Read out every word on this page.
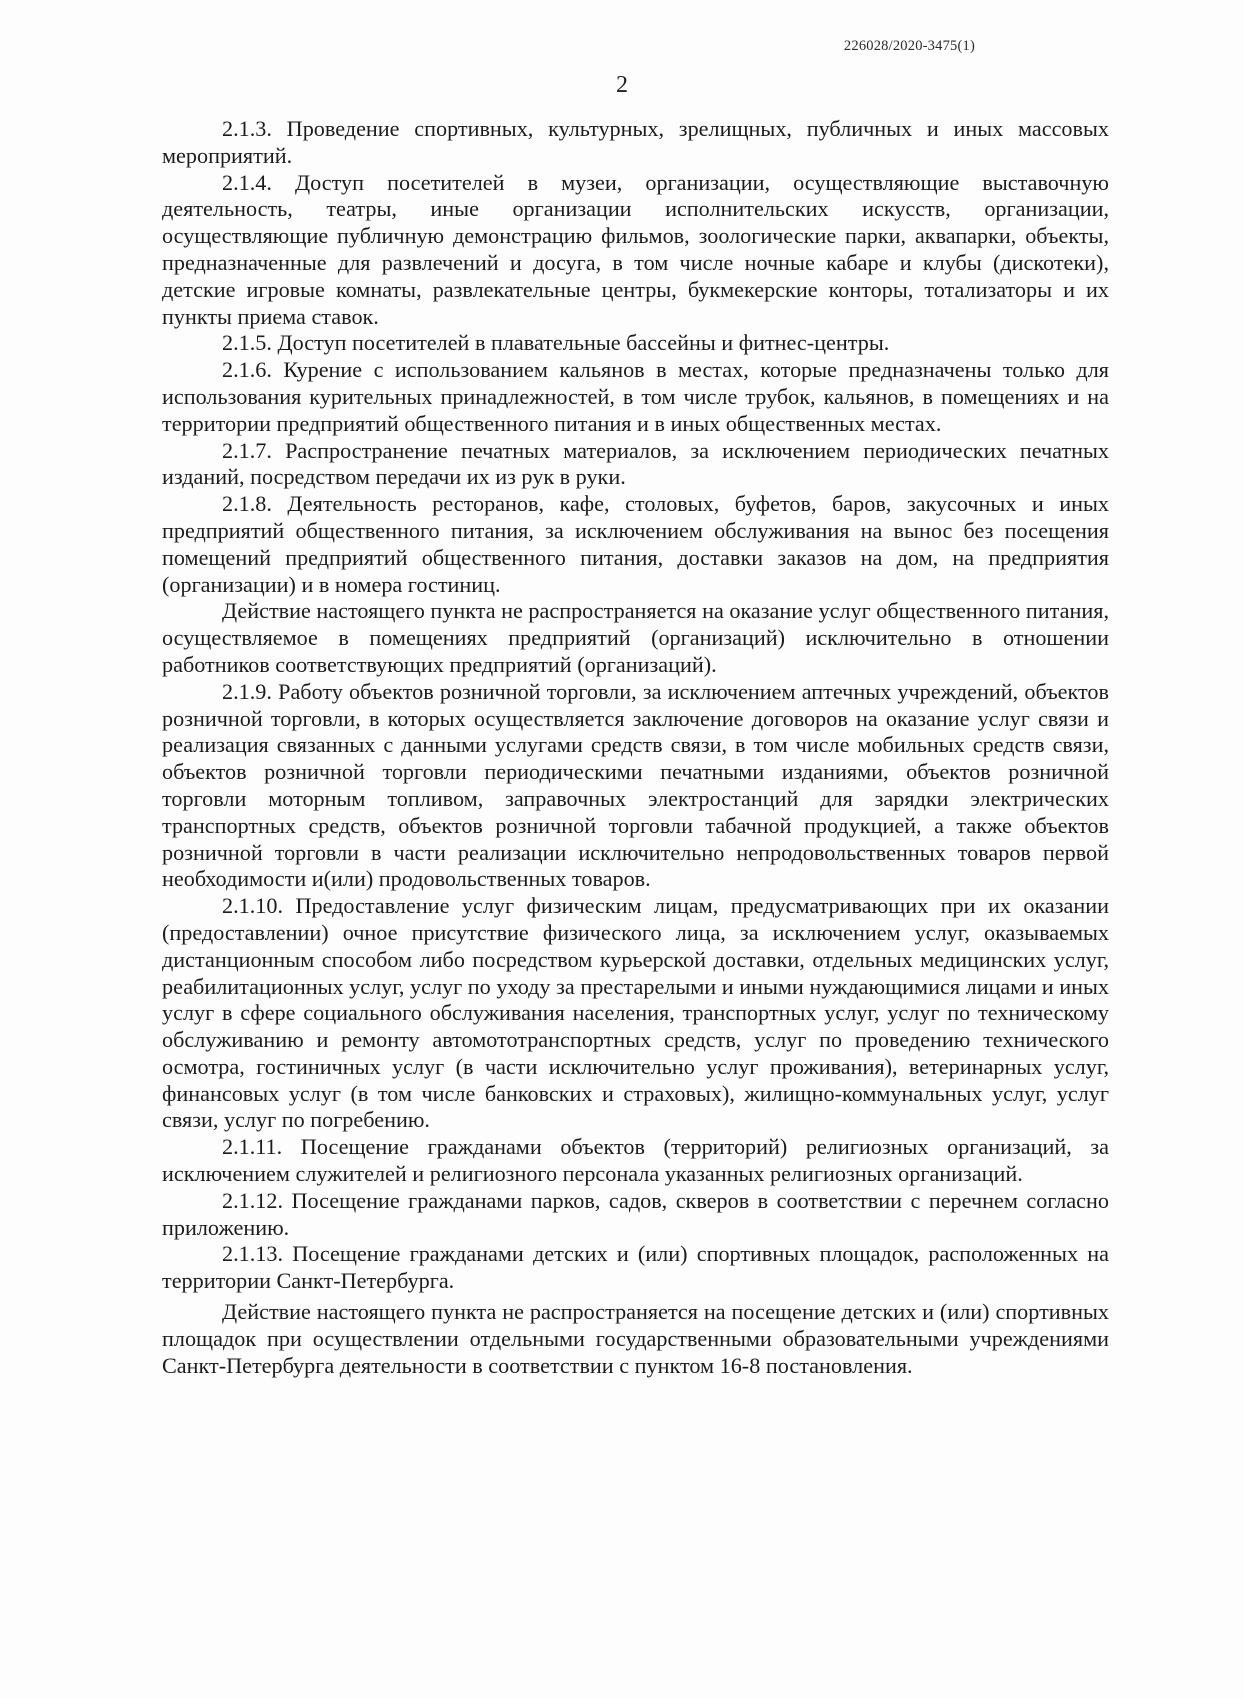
226028/2020-3475(1)
2

2.1.3. Проведение спортивных, культурных, зрелищных, публичных и иных массовых мероприятий.

2.1.4. Доступ посетителей в музеи, организации, осуществляющие выставочную деятельность, театры, иные организации исполнительских искусств, организации, осуществляющие публичную демонстрацию фильмов, зоологические парки, аквапарки, объекты, предназначенные для развлечений и досуга, в том числе ночные кабаре и клубы (дискотеки), детские игровые комнаты, развлекательные центры, букмекерские конторы, тотализаторы и их пункты приема ставок.

2.1.5. Доступ посетителей в плавательные бассейны и фитнес-центры.

2.1.6. Курение с использованием кальянов в местах, которые предназначены только для использования курительных принадлежностей, в том числе трубок, кальянов, в помещениях и на территории предприятий общественного питания и в иных общественных местах.

2.1.7. Распространение печатных материалов, за исключением периодических печатных изданий, посредством передачи их из рук в руки.

2.1.8. Деятельность ресторанов, кафе, столовых, буфетов, баров, закусочных и иных предприятий общественного питания, за исключением обслуживания на вынос без посещения помещений предприятий общественного питания, доставки заказов на дом, на предприятия (организации) и в номера гостиниц.

Действие настоящего пункта не распространяется на оказание услуг общественного питания, осуществляемое в помещениях предприятий (организаций) исключительно в отношении работников соответствующих предприятий (организаций).

2.1.9. Работу объектов розничной торговли, за исключением аптечных учреждений, объектов розничной торговли, в которых осуществляется заключение договоров на оказание услуг связи и реализация связанных с данными услугами средств связи, в том числе мобильных средств связи, объектов розничной торговли периодическими печатными изданиями, объектов розничной торговли моторным топливом, заправочных электростанций для зарядки электрических транспортных средств, объектов розничной торговли табачной продукцией, а также объектов розничной торговли в части реализации исключительно непродовольственных товаров первой необходимости и(или) продовольственных товаров.

2.1.10. Предоставление услуг физическим лицам, предусматривающих при их оказании (предоставлении) очное присутствие физического лица, за исключением услуг, оказываемых дистанционным способом либо посредством курьерской доставки, отдельных медицинских услуг, реабилитационных услуг, услуг по уходу за престарелыми и иными нуждающимися лицами и иных услуг в сфере социального обслуживания населения, транспортных услуг, услуг по техническому обслуживанию и ремонту автомототранспортных средств, услуг по проведению технического осмотра, гостиничных услуг (в части исключительно услуг проживания), ветеринарных услуг, финансовых услуг (в том числе банковских и страховых), жилищно-коммунальных услуг, услуг связи, услуг по погребению.

2.1.11. Посещение гражданами объектов (территорий) религиозных организаций, за исключением служителей и религиозного персонала указанных религиозных организаций.

2.1.12. Посещение гражданами парков, садов, скверов в соответствии с перечнем согласно приложению.

2.1.13. Посещение гражданами детских и (или) спортивных площадок, расположенных на территории Санкт-Петербурга.

Действие настоящего пункта не распространяется на посещение детских и (или) спортивных площадок при осуществлении отдельными государственными образовательными учреждениями Санкт-Петербурга деятельности в соответствии с пунктом 16-8 постановления.
